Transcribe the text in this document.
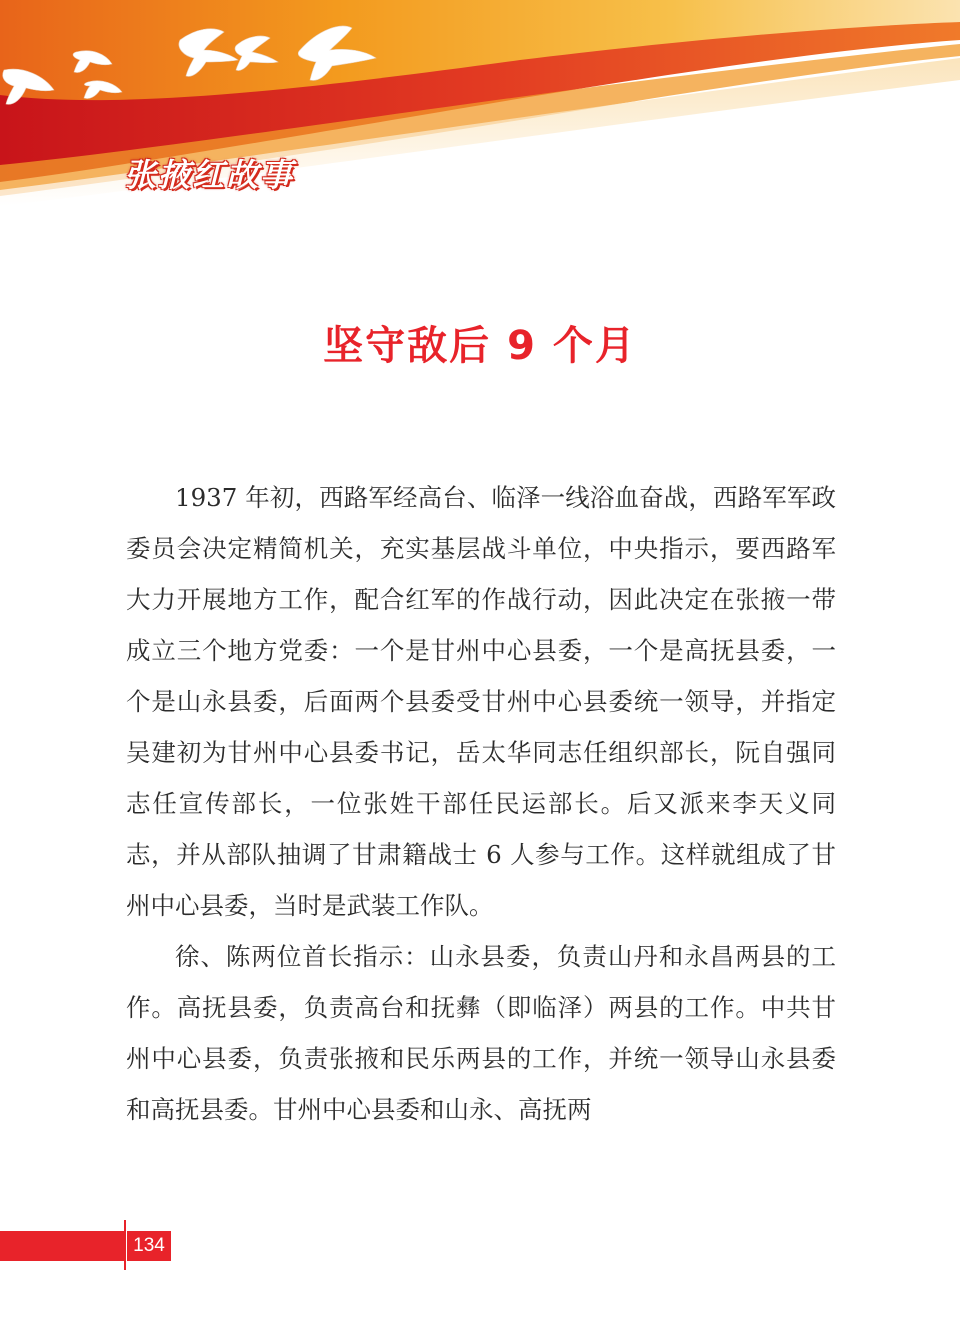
张掖红故事
坚守敌后 9 个月

1937 年初，西路军经高台、临泽一线浴血奋战，西路军军政委员会决定精简机关，充实基层战斗单位，中央指示，要西路军大力开展地方工作，配合红军的作战行动，因此决定在张掖一带成立三个地方党委：一个是甘州中心县委，一个是高抚县委，一个是山永县委，后面两个县委受甘州中心县委统一领导，并指定吴建初为甘州中心县委书记，岳太华同志任组织部长，阮自强同志任宣传部长，一位张姓干部任民运部长。后又派来李天义同志，并从部队抽调了甘肃籍战士 6 人参与工作。这样就组成了甘州中心县委，当时是武装工作队。

徐、陈两位首长指示：山永县委，负责山丹和永昌两县的工作。高抚县委，负责高台和抚彝（即临泽）两县的工作。中共甘州中心县委，负责张掖和民乐两县的工作，并统一领导山永县委和高抚县委。甘州中心县委和山永、高抚两

134
